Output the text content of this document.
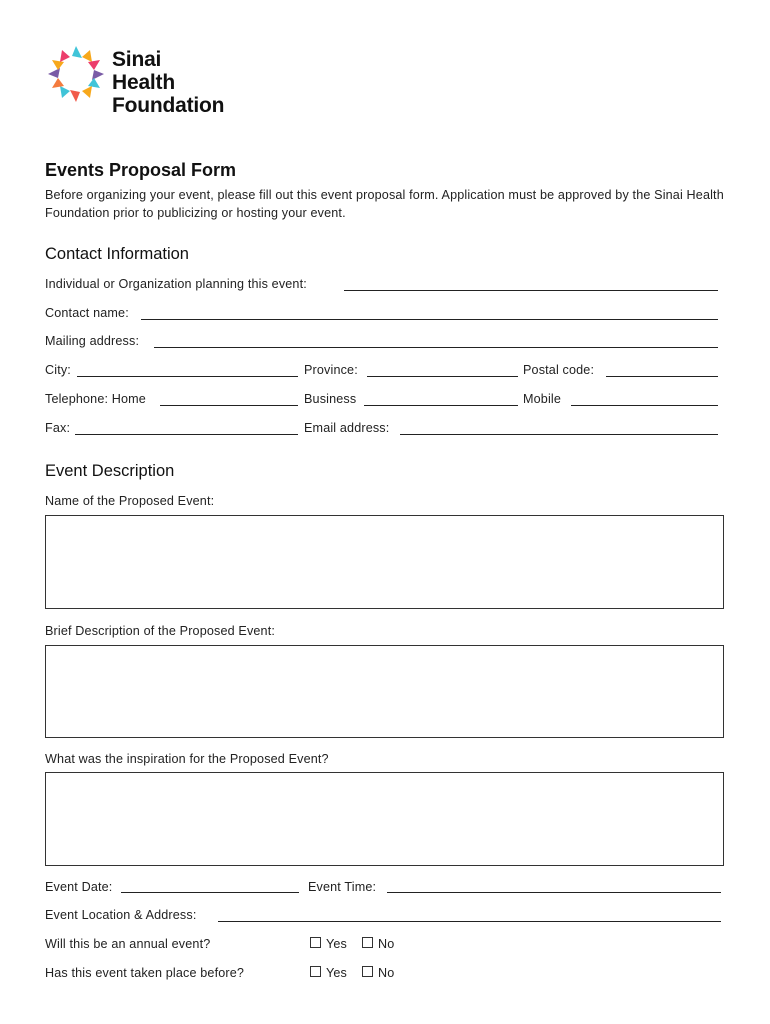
Sinai
Health
Foundation
Events Proposal Form
Before organizing your event, please fill out this event proposal form. Application must be approved by the Sinai Health Foundation prior to publicizing or hosting your event.
Contact Information
Individual or Organization planning this event:
Contact name:
Mailing address:
City:	Province:	Postal code:
Telephone: Home	Business	Mobile
Fax:	Email address:
Event Description
Name of the Proposed Event:
Brief Description of the Proposed Event:
What was the inspiration for the Proposed Event?
Event Date:	Event Time:
Event Location & Address:
Will this be an annual event?	Yes	No
Has this event taken place before?	Yes	No
